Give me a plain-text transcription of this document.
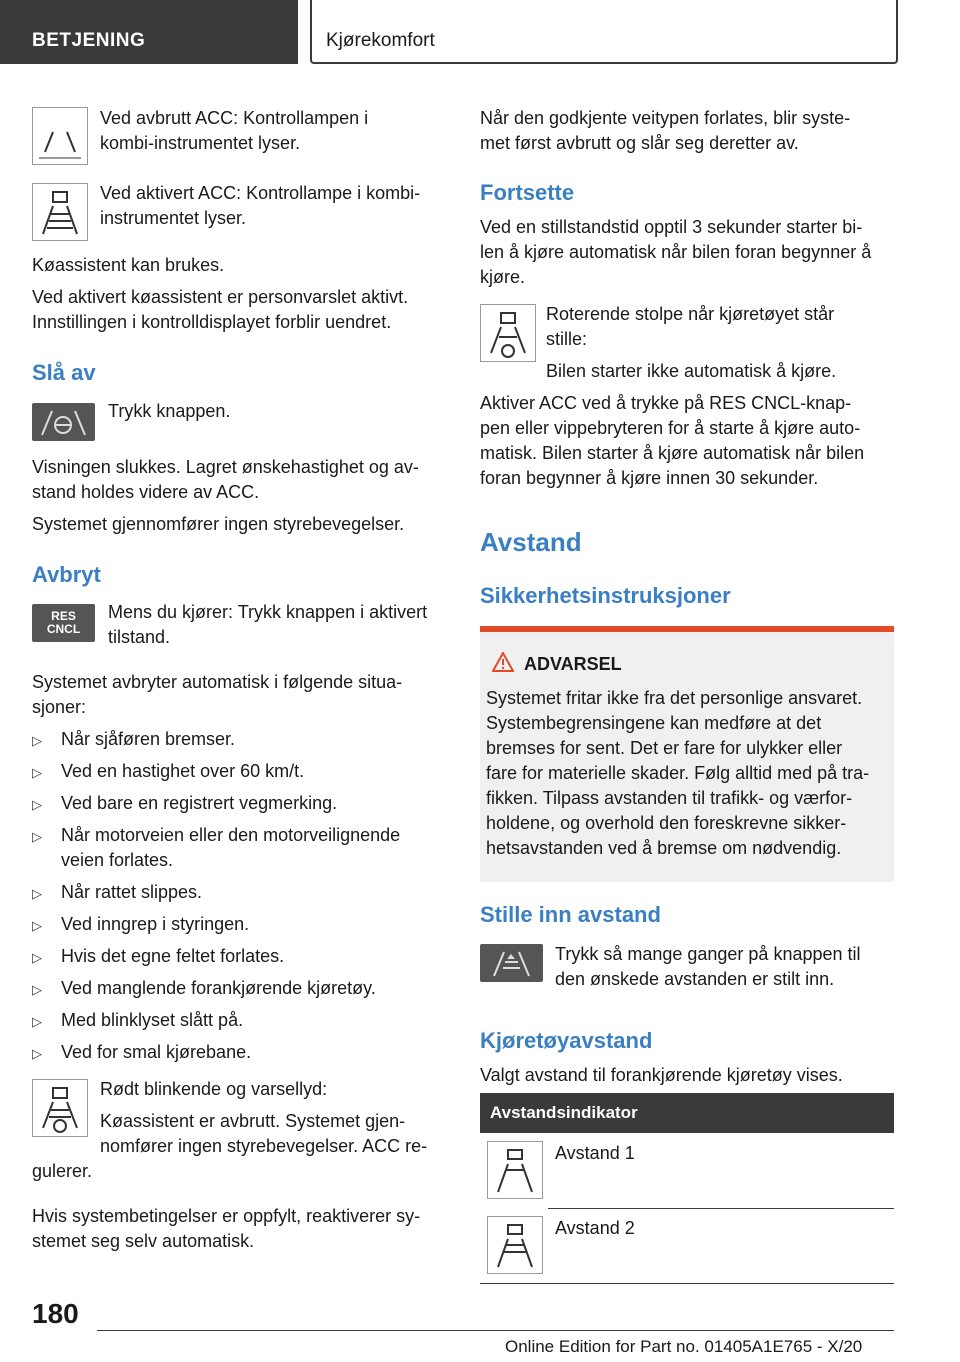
BETJENING	Kjørekomfort
Ved avbrutt ACC: Kontrollampen i
kombi-instrumentet lyser.
Ved aktivert ACC: Kontrollampe i kombi-
instrumentet lyser.
Køassistent kan brukes.
Ved aktivert køassistent er personvarslet aktivt.
Innstillingen i kontrolldisplayet forblir uendret.
Slå av
Trykk knappen.
Visningen slukkes. Lagret ønskehastighet og av-
stand holdes videre av ACC.
Systemet gjennomfører ingen styrebevegelser.
Avbryt
RES
CNCL
Mens du kjører: Trykk knappen i aktivert
tilstand.
Systemet avbryter automatisk i følgende situa-
sjoner:
▷ Når sjåføren bremser.
▷ Ved en hastighet over 60 km/t.
▷ Ved bare en registrert vegmerking.
▷ Når motorveien eller den motorveilignende
veien forlates.
▷ Når rattet slippes.
▷ Ved inngrep i styringen.
▷ Hvis det egne feltet forlates.
▷ Ved manglende forankjørende kjøretøy.
▷ Med blinklyset slått på.
▷ Ved for smal kjørebane.
Rødt blinkende og varsellyd:
Køassistent er avbrutt. Systemet gjen-
nomfører ingen styrebevegelser. ACC re-
gulerer.
Hvis systembetingelser er oppfylt, reaktiverer sy-
stemet seg selv automatisk.
Når den godkjente veitypen forlates, blir syste-
met først avbrutt og slår seg deretter av.
Fortsette
Ved en stillstandstid opptil 3 sekunder starter bi-
len å kjøre automatisk når bilen foran begynner å
kjøre.
Roterende stolpe når kjøretøyet står
stille:
Bilen starter ikke automatisk å kjøre.
Aktiver ACC ved å trykke på RES CNCL-knap-
pen eller vippebryteren for å starte å kjøre auto-
matisk. Bilen starter å kjøre automatisk når bilen
foran begynner å kjøre innen 30 sekunder.
Avstand
Sikkerhetsinstruksjoner
ADVARSEL
Systemet fritar ikke fra det personlige ansvaret.
Systembegrensingene kan medføre at det
bremses for sent. Det er fare for ulykker eller
fare for materielle skader. Følg alltid med på tra-
fikken. Tilpass avstanden til trafikk- og værfor-
holdene, og overhold den foreskrevne sikker-
hetsavstanden ved å bremse om nødvendig.
Stille inn avstand
Trykk så mange ganger på knappen til
den ønskede avstanden er stilt inn.
Kjøretøyavstand
Valgt avstand til forankjørende kjøretøy vises.
Avstandsindikator
Avstand 1
Avstand 2
180
Online Edition for Part no. 01405A1E765 - X/20
